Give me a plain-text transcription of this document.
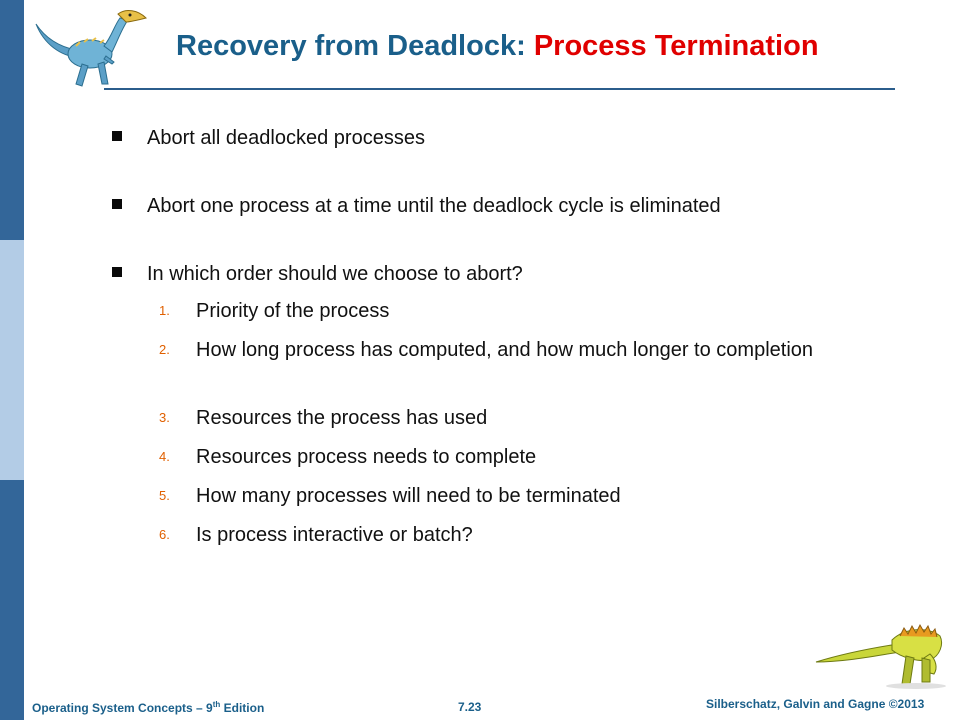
Recovery from Deadlock: Process Termination
Abort all deadlocked processes
Abort one process at a time until the deadlock cycle is eliminated
In which order should we choose to abort?
1. Priority of the process
2. How long process has computed, and how much longer to completion
3. Resources the process has used
4. Resources process needs to complete
5. How many processes will need to be terminated
6. Is process interactive or batch?
Operating System Concepts – 9th Edition	7.23	Silberschatz, Galvin and Gagne ©2013
